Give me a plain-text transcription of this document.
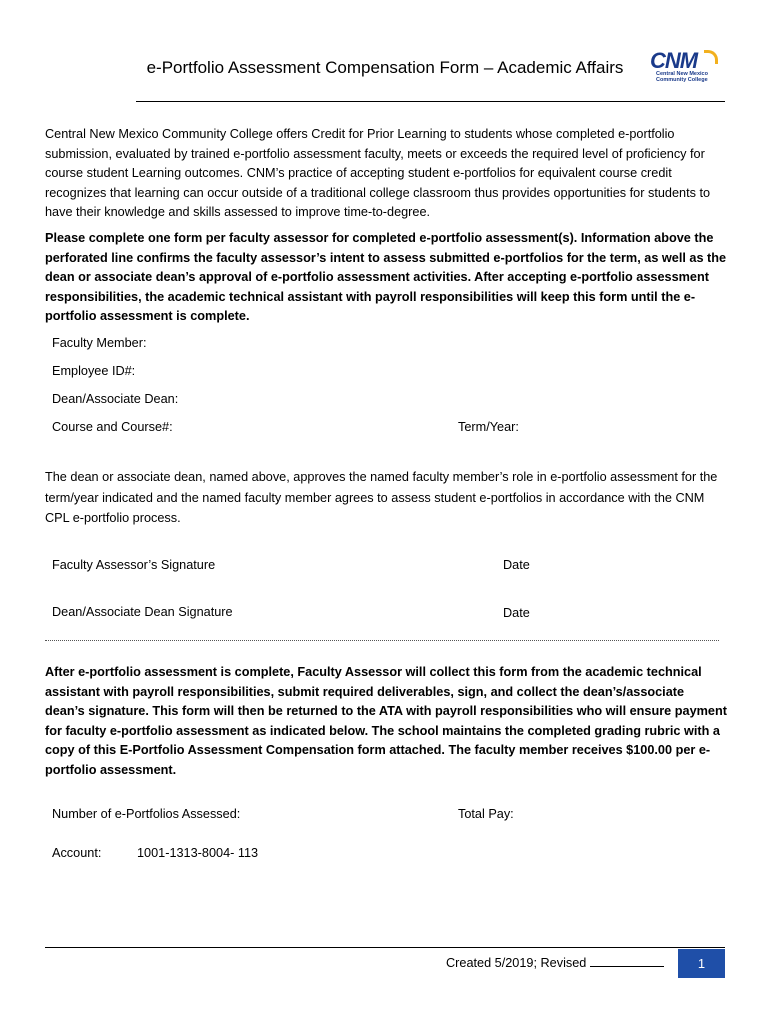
e-Portfolio Assessment Compensation Form – Academic Affairs	CNM
Central New Mexico Community College

Central New Mexico Community College offers Credit for Prior Learning to students whose completed e-portfolio submission, evaluated by trained e-portfolio assessment faculty, meets or exceeds the required level of proficiency for course student Learning outcomes. CNM’s practice of accepting student e-portfolios for equivalent course credit recognizes that learning can occur outside of a traditional college classroom thus provides opportunities for students to have their knowledge and skills assessed to improve time-to-degree.

Please complete one form per faculty assessor for completed e-portfolio assessment(s). Information above the perforated line confirms the faculty assessor’s intent to assess submitted e-portfolios for the term, as well as the dean or associate dean’s approval of e-portfolio assessment activities. After accepting e-portfolio assessment responsibilities, the academic technical assistant with payroll responsibilities will keep this form until the e-portfolio assessment is complete.

Faculty Member:
Employee ID#:
Dean/Associate Dean:
Course and Course#:	Term/Year:

The dean or associate dean, named above, approves the named faculty member’s role in e-portfolio assessment for the term/year indicated and the named faculty member agrees to assess student e-portfolios in accordance with the CNM CPL e-portfolio process.

Faculty Assessor’s Signature	Date
Dean/Associate Dean Signature	Date

After e-portfolio assessment is complete, Faculty Assessor will collect this form from the academic technical assistant with payroll responsibilities, submit required deliverables, sign, and collect the dean’s/associate dean’s signature. This form will then be returned to the ATA with payroll responsibilities who will ensure payment for faculty e-portfolio assessment as indicated below. The school maintains the completed grading rubric with a copy of this E-Portfolio Assessment Compensation form attached. The faculty member receives $100.00 per e-portfolio assessment.

Number of e-Portfolios Assessed:	Total Pay:
Account:	1001-1313-8004- 113
Created 5/2019; Revised	1
